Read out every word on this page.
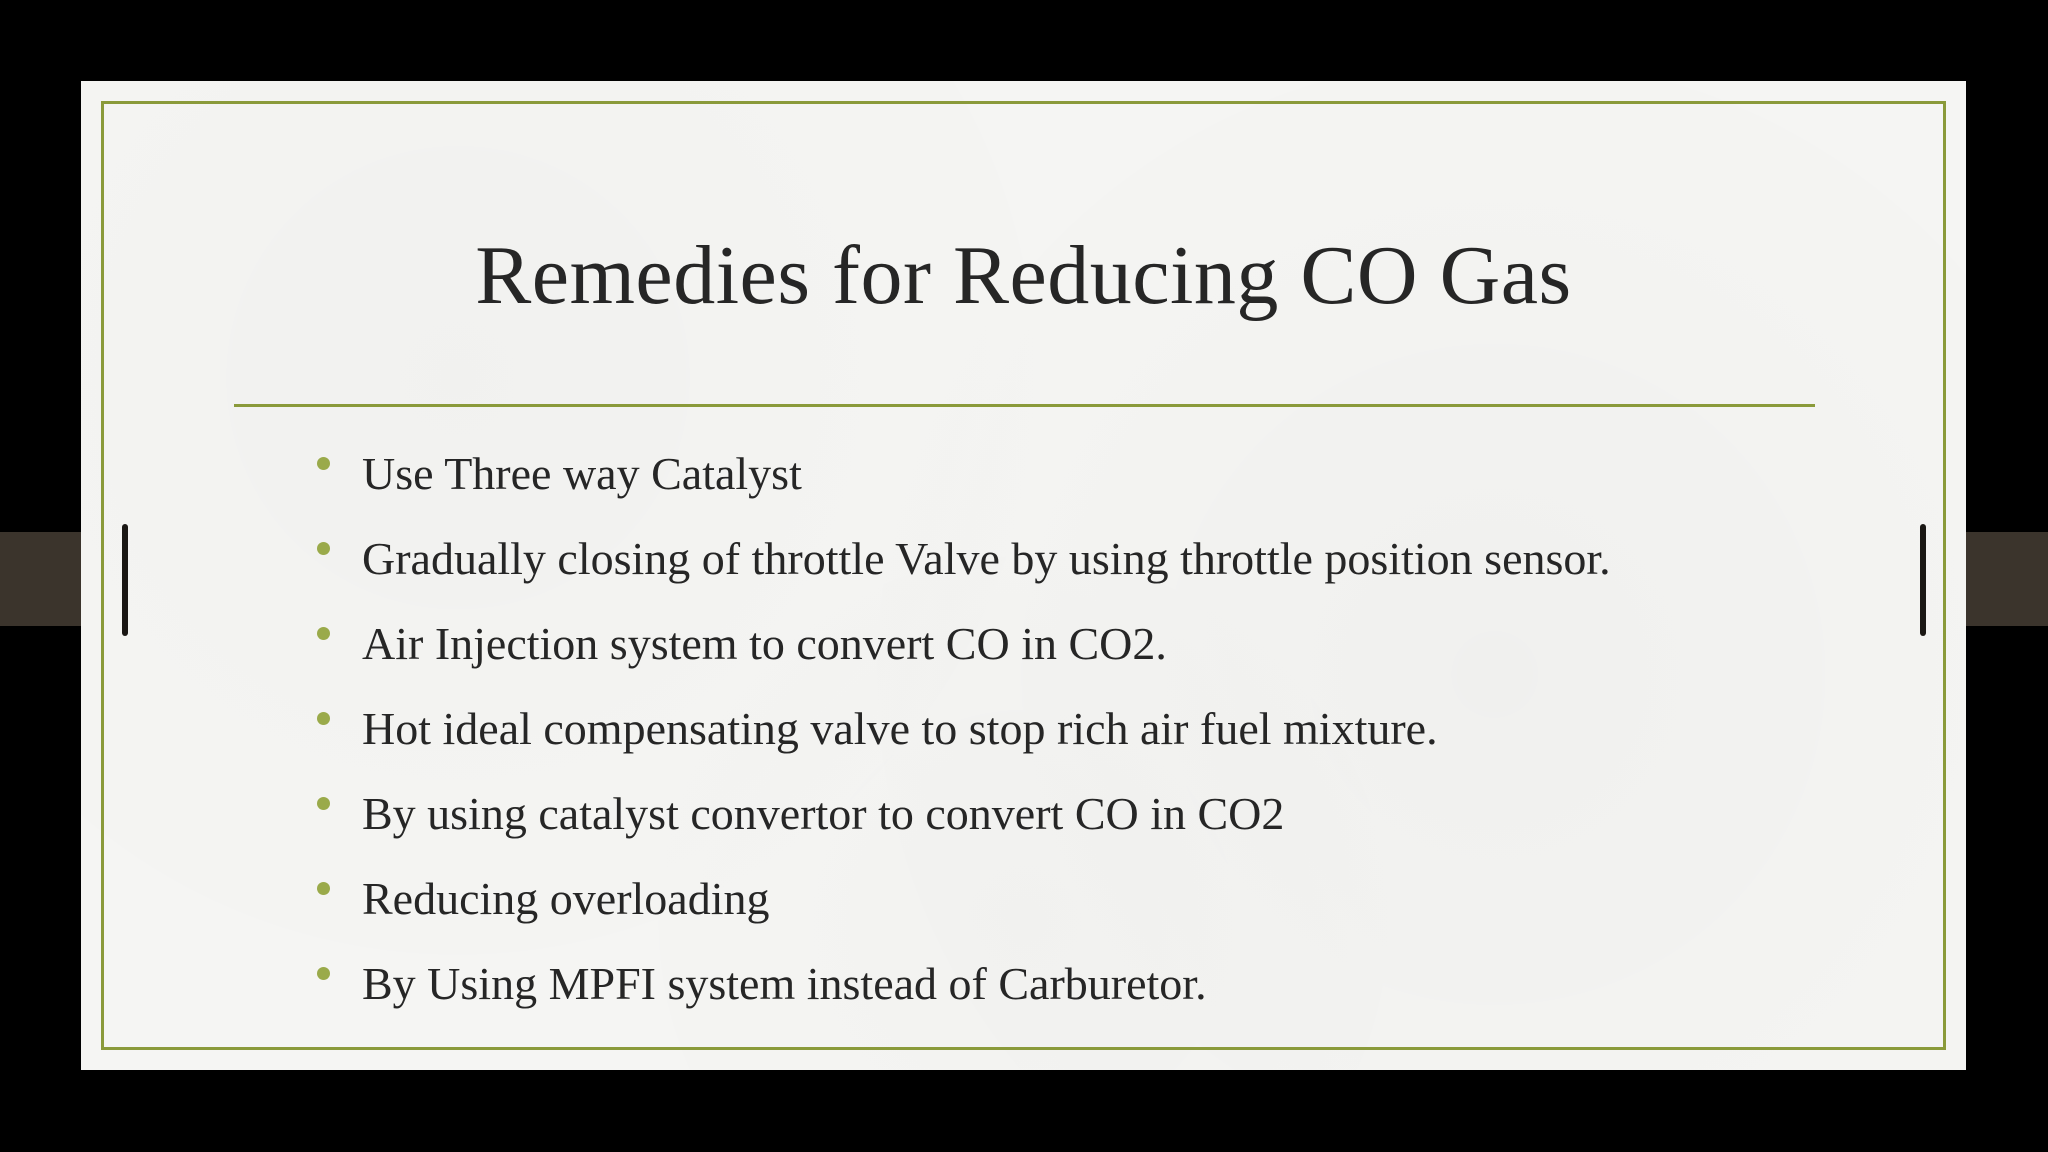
Remedies for Reducing CO Gas
Use Three way Catalyst
Gradually closing of throttle Valve by using throttle position sensor.
Air Injection system to convert CO in CO2.
Hot ideal compensating valve to stop rich air fuel mixture.
By using catalyst convertor to convert CO in CO2
Reducing overloading
By Using MPFI system instead of Carburetor.
